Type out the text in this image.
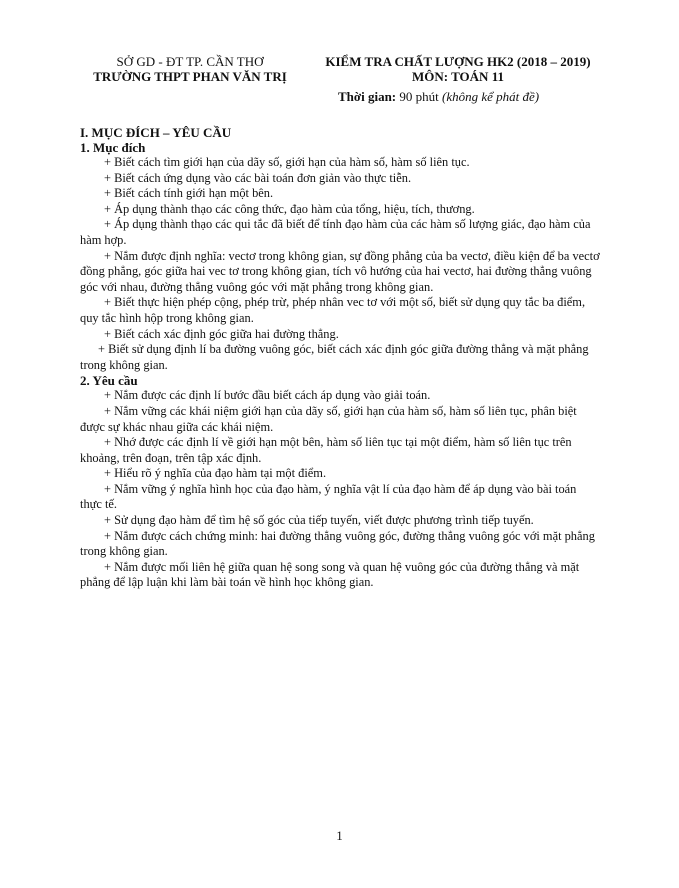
SỞ GD - ĐT TP. CẦN THƠ
TRƯỜNG THPT PHAN VĂN TRỊ
KIỂM TRA CHẤT LƯỢNG HK2 (2018 – 2019)
MÔN: TOÁN 11
Thời gian: 90 phút (không kể phát đề)
I. MỤC ĐÍCH – YÊU CẦU
1. Mục đích
+ Biết cách tìm giới hạn của dãy số, giới hạn của hàm số, hàm số liên tục.
+ Biết cách ứng dụng vào các bài toán đơn giản vào thực tiễn.
+ Biết cách tính giới hạn một bên.
+ Áp dụng thành thạo các công thức, đạo hàm của tổng, hiệu, tích, thương.
+ Áp dụng thành thạo các qui tắc đã biết để tính đạo hàm của các hàm số lượng giác, đạo hàm của hàm hợp.
+ Nắm được định nghĩa: vectơ trong không gian, sự đồng phẳng của ba vectơ, điều kiện để ba vectơ đồng phẳng, góc giữa hai vec tơ trong không gian, tích vô hướng của hai vectơ, hai đường thẳng vuông góc với nhau, đường thẳng vuông góc với mặt phẳng trong không gian.
+ Biết thực hiện phép cộng, phép trừ, phép nhân vec tơ với một số, biết sử dụng quy tắc ba điểm, quy tắc hình hộp trong không gian.
+ Biết cách xác định góc giữa hai đường thẳng.
+ Biết sử dụng định lí ba đường vuông góc, biết cách xác định góc giữa đường thẳng và mặt phẳng trong không gian.
2. Yêu cầu
+ Nắm được các định lí bước đầu biết cách áp dụng vào giải toán.
+ Nắm vững các khái niệm giới hạn của dãy số, giới hạn của hàm số, hàm số liên tục, phân biệt được sự khác nhau giữa các khái niệm.
+ Nhớ được các định lí về giới hạn một bên, hàm số liên tục tại một điểm, hàm số liên tục trên khoảng, trên đoạn, trên tập xác định.
+ Hiểu rõ ý nghĩa của đạo hàm tại một điểm.
+ Nắm vững ý nghĩa hình học của đạo hàm, ý nghĩa vật lí của đạo hàm để áp dụng vào bài toán thực tế.
+ Sử dụng đạo hàm để tìm hệ số góc của tiếp tuyến, viết được phương trình tiếp tuyến.
+ Nắm được cách chứng minh: hai đường thẳng vuông góc, đường thẳng vuông góc với mặt phẳng trong không gian.
+ Nắm được mối liên hệ giữa quan hệ song song và quan hệ vuông góc của đường thẳng và mặt phẳng để lập luận khi làm bài toán về hình học không gian.
1
